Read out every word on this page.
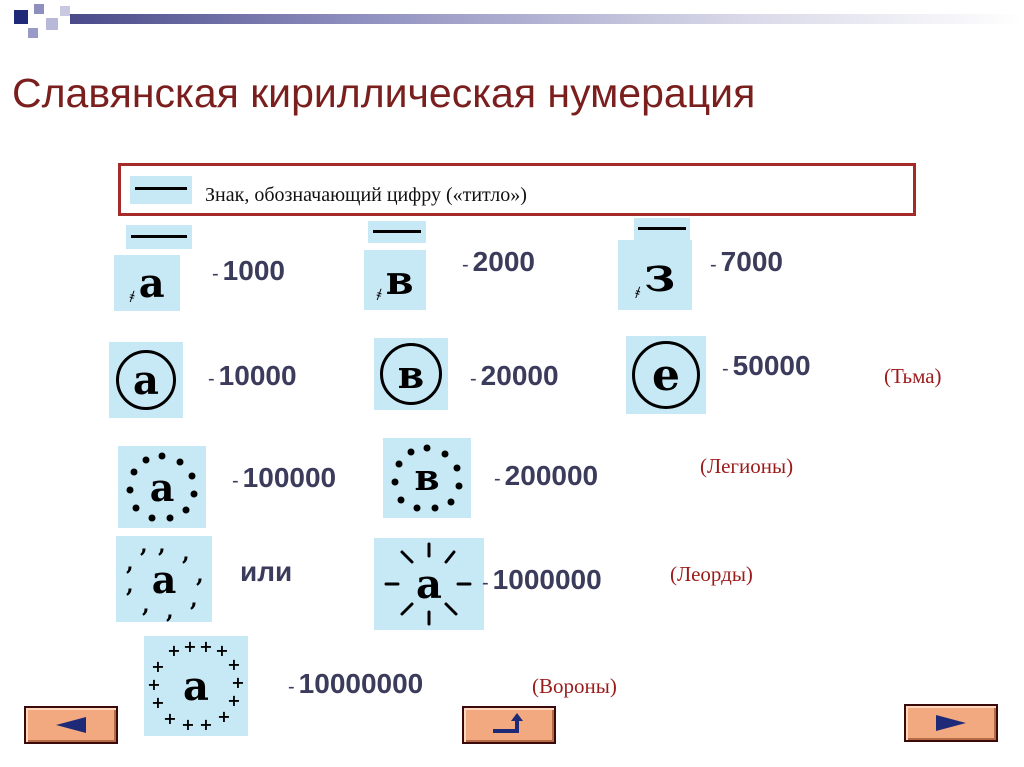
Славянская кириллическая нумерация
Знак, обозначающий цифру («титло»)
҂ а - 1000
҂ в - 2000
҂ з - 7000
а	- 10000	в	- 20000	е	- 50000	(Тьма)
а	- 100000 в	- 200000	(Легионы)
, ,
,
,
,
,
,
,
,
а или	а - 1000000	(Леорды)
+ + + +
+
+
+
+
+
+
+
+
+
+ а	- 10000000	(Вороны)
